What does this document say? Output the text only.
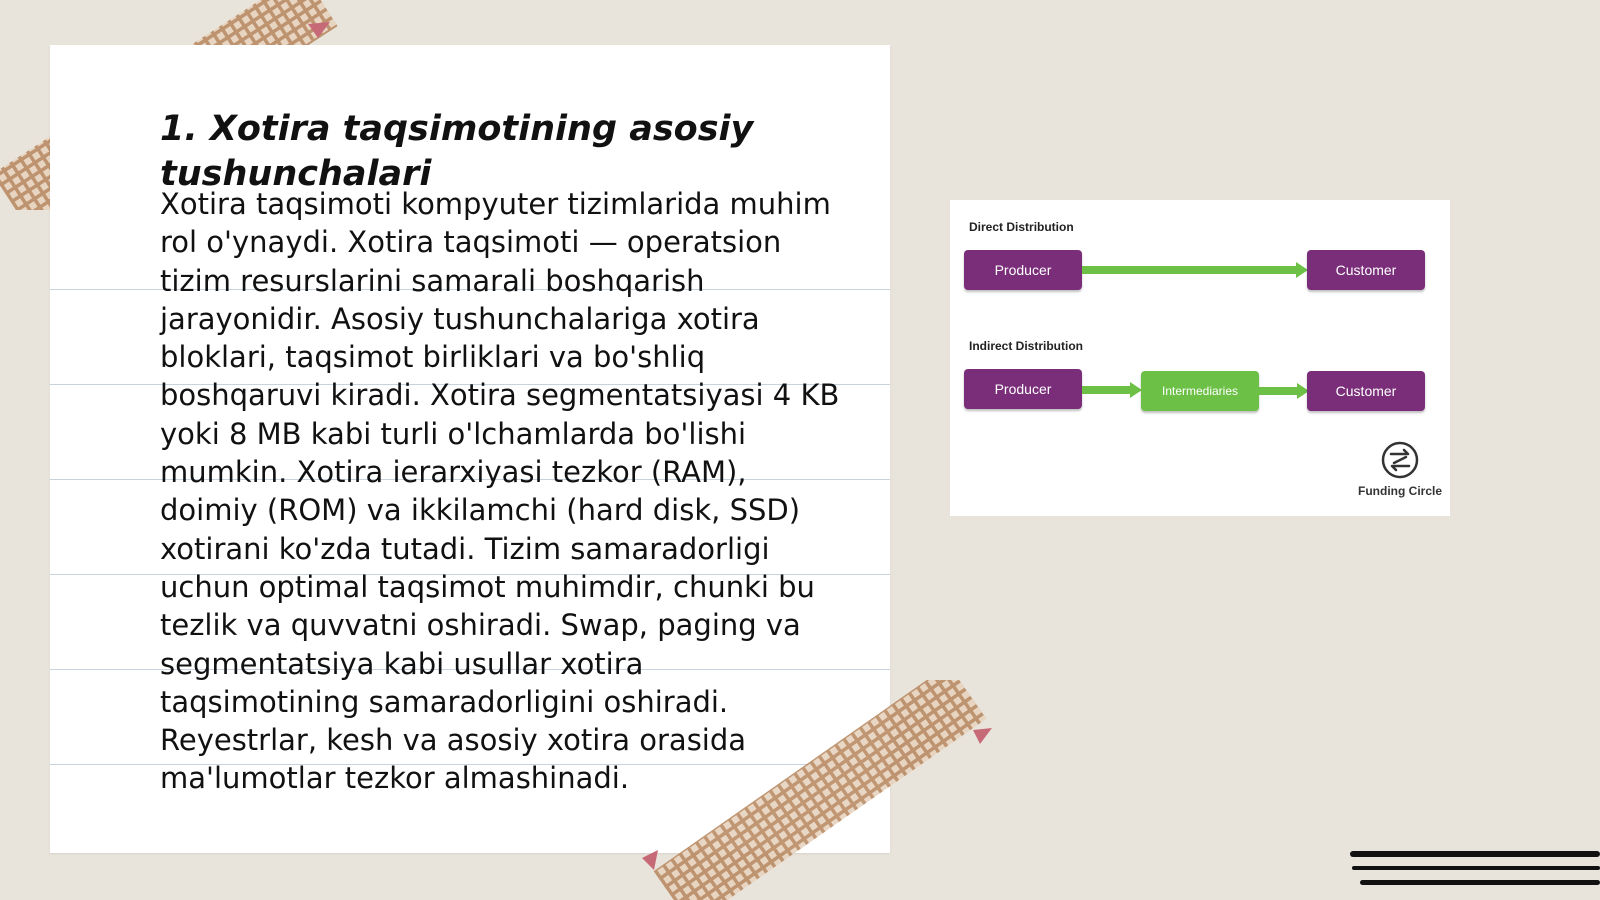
1. Xotira taqsimotining asosiy tushunchalari

Xotira taqsimoti kompyuter tizimlarida muhim rol o'ynaydi. Xotira taqsimoti — operatsion tizim resurslarini samarali boshqarish jarayonidir. Asosiy tushunchalariga xotira bloklari, taqsimot birliklari va bo'shliq boshqaruvi kiradi. Xotira segmentatsiyasi 4 KB yoki 8 MB kabi turli o'lchamlarda bo'lishi mumkin. Xotira ierarxiyasi tezkor (RAM), doimiy (ROM) va ikkilamchi (hard disk, SSD) xotirani ko'zda tutadi. Tizim samaradorligi uchun optimal taqsimot muhimdir, chunki bu tezlik va quvvatni oshiradi. Swap, paging va segmentatsiya kabi usullar xotira taqsimotining samaradorligini oshiradi. Reyestrlar, kesh va asosiy xotira orasida ma'lumotlar tezkor almashinadi.

Direct Distribution
Producer	Customer
Indirect Distribution
Producer	Intermediaries	Customer
Funding Circle
